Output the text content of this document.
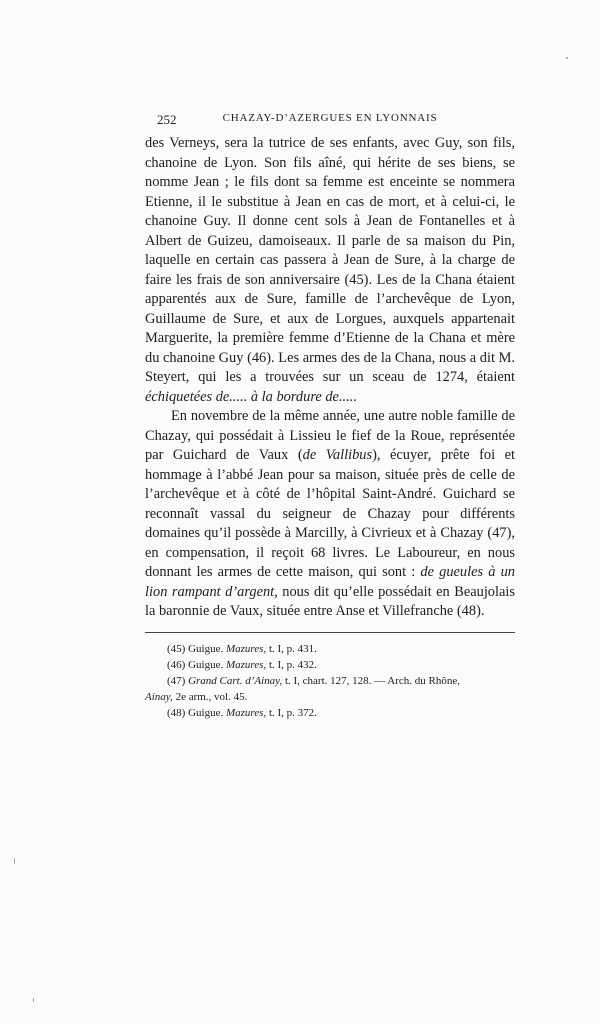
252	CHAZAY-D’AZERGUES EN LYONNAIS

des Verneys, sera la tutrice de ses enfants, avec Guy, son fils, chanoine de Lyon. Son fils aîné, qui hérite de ses biens, se nomme Jean ; le fils dont sa femme est enceinte se nommera Etienne, il le substitue à Jean en cas de mort, et à celui-ci, le chanoine Guy. Il donne cent sols à Jean de Fontanelles et à Albert de Guizeu, damoiseaux. Il parle de sa maison du Pin, laquelle en certain cas passera à Jean de Sure, à la charge de faire les frais de son anniversaire (45). Les de la Chana étaient apparentés aux de Sure, famille de l’archevêque de Lyon, Guillaume de Sure, et aux de Lorgues, auxquels appartenait Marguerite, la première femme d’Etienne de la Chana et mère du chanoine Guy (46). Les armes des de la Chana, nous a dit M. Steyert, qui les a trouvées sur un sceau de 1274, étaient échiquetées de..... à la bordure de.....

En novembre de la même année, une autre noble famille de Chazay, qui possédait à Lissieu le fief de la Roue, représentée par Guichard de Vaux (de Vallibus), écuyer, prête foi et hommage à l’abbé Jean pour sa maison, située près de celle de l’archevêque et à côté de l’hôpital Saint-André. Guichard se reconnaît vassal du seigneur de Chazay pour différents domaines qu’il possède à Marcilly, à Civrieux et à Chazay (47), en compensation, il reçoit 68 livres. Le Laboureur, en nous donnant les armes de cette maison, qui sont : de gueules à un lion rampant d’argent, nous dit qu’elle possédait en Beaujolais la baronnie de Vaux, située entre Anse et Villefranche (48).

(45) Guigue. Mazures, t. I, p. 431.
(46) Guigue. Mazures, t. I, p. 432.
(47) Grand Cart. d’Ainay, t. I, chart. 127, 128. — Arch. du Rhône,
Ainay, 2e arm., vol. 45.
(48) Guigue. Mazures, t. I, p. 372.
